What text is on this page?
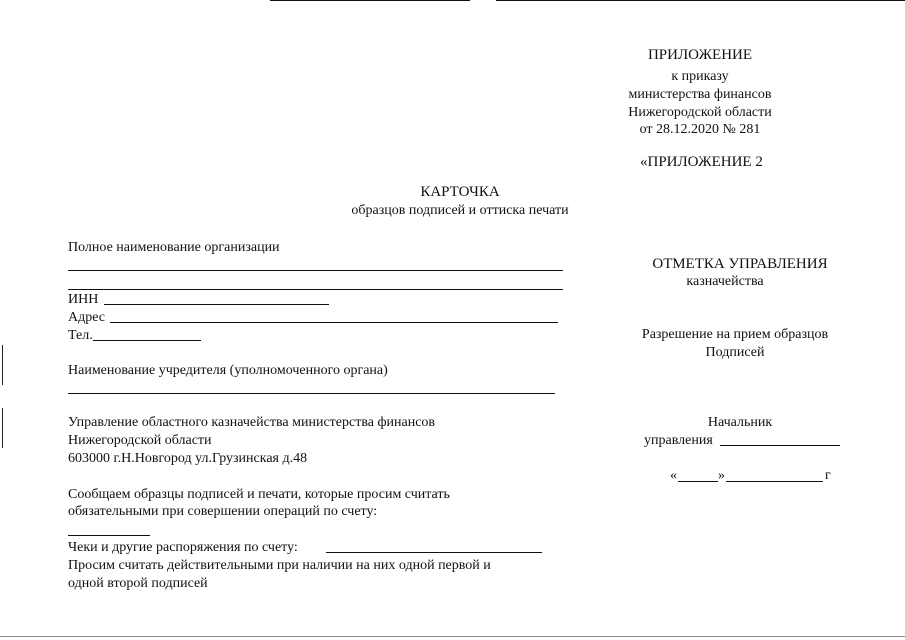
ПРИЛОЖЕНИЕ
к приказу
министерства финансов
Нижегородской области
от 28.12.2020 № 281
«ПРИЛОЖЕНИЕ 2
КАРТОЧКА
образцов подписей и оттиска печати
Полное наименование организации
ИНН
Адрес
Тел.
Наименование учредителя (уполномоченного органа)
Управление областного казначейства министерства финансов
Нижегородской области
603000 г.Н.Новгород ул.Грузинская д.48
Сообщаем образцы подписей и печати, которые просим считать
обязательными при совершении операций по счету:
Чеки и другие распоряжения по счету:
Просим считать действительными при наличии на них одной первой и
одной второй подписей
ОТМЕТКА УПРАВЛЕНИЯ
казначейства
Разрешение на прием образцов
Подписей
Начальник
управления
«	»	г
